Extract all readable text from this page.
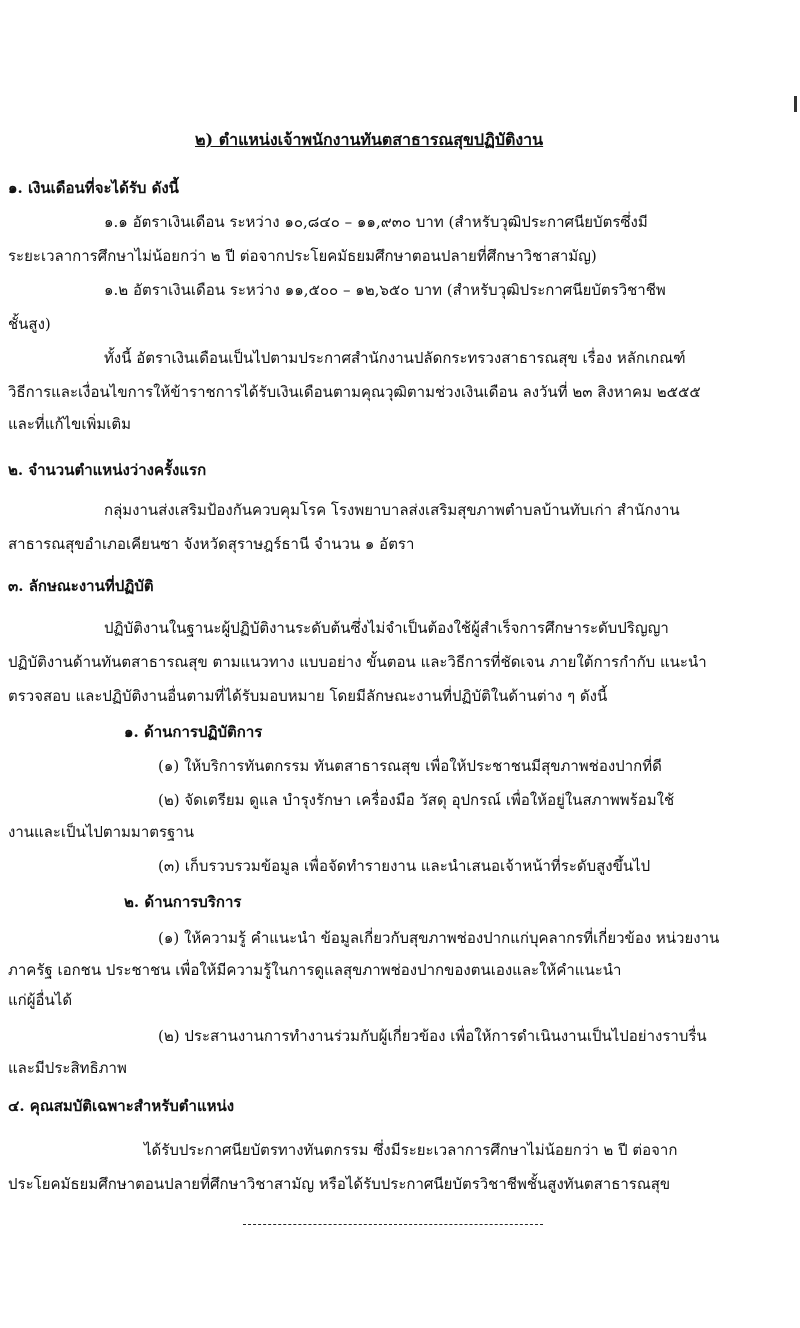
๒) ตำแหน่งเจ้าพนักงานทันตสาธารณสุขปฏิบัติงาน
๑. เงินเดือนที่จะได้รับ ดังนี้
๑.๑ อัตราเงินเดือน ระหว่าง ๑๐,๘๔๐ – ๑๑,๙๓๐ บาท (สำหรับวุฒิประกาศนียบัตรซึ่งมี
ระยะเวลาการศึกษาไม่น้อยกว่า ๒ ปี ต่อจากประโยคมัธยมศึกษาตอนปลายที่ศึกษาวิชาสามัญ)
๑.๒ อัตราเงินเดือน ระหว่าง ๑๑,๕๐๐ – ๑๒,๖๕๐ บาท (สำหรับวุฒิประกาศนียบัตรวิชาชีพ
ชั้นสูง)
ทั้งนี้ อัตราเงินเดือนเป็นไปตามประกาศสำนักงานปลัดกระทรวงสาธารณสุข เรื่อง หลักเกณฑ์
วิธีการและเงื่อนไขการให้ข้าราชการได้รับเงินเดือนตามคุณวุฒิตามช่วงเงินเดือน ลงวันที่ ๒๓ สิงหาคม ๒๕๕๕
และที่แก้ไขเพิ่มเติม
๒. จำนวนตำแหน่งว่างครั้งแรก
กลุ่มงานส่งเสริมป้องกันควบคุมโรค โรงพยาบาลส่งเสริมสุขภาพตำบลบ้านทับเก่า สำนักงาน
สาธารณสุขอำเภอเคียนซา จังหวัดสุราษฎร์ธานี จำนวน ๑ อัตรา
๓. ลักษณะงานที่ปฏิบัติ
ปฏิบัติงานในฐานะผู้ปฏิบัติงานระดับต้นซึ่งไม่จำเป็นต้องใช้ผู้สำเร็จการศึกษาระดับปริญญา
ปฏิบัติงานด้านทันตสาธารณสุข ตามแนวทาง แบบอย่าง ขั้นตอน และวิธีการที่ชัดเจน ภายใต้การกำกับ แนะนำ
ตรวจสอบ และปฏิบัติงานอื่นตามที่ได้รับมอบหมาย โดยมีลักษณะงานที่ปฏิบัติในด้านต่าง ๆ ดังนี้
๑. ด้านการปฏิบัติการ
(๑) ให้บริการทันตกรรม ทันตสาธารณสุข เพื่อให้ประชาชนมีสุขภาพช่องปากที่ดี
(๒) จัดเตรียม ดูแล บำรุงรักษา เครื่องมือ วัสดุ อุปกรณ์ เพื่อให้อยู่ในสภาพพร้อมใช้
งานและเป็นไปตามมาตรฐาน
(๓) เก็บรวบรวมข้อมูล เพื่อจัดทำรายงาน และนำเสนอเจ้าหน้าที่ระดับสูงขึ้นไป
๒. ด้านการบริการ
(๑) ให้ความรู้ คำแนะนำ ข้อมูลเกี่ยวกับสุขภาพช่องปากแก่บุคลากรที่เกี่ยวข้อง หน่วยงาน
ภาครัฐ เอกชน ประชาชน เพื่อให้มีความรู้ในการดูแลสุขภาพช่องปากของตนเองและให้คำแนะนำ
แก่ผู้อื่นได้
(๒) ประสานงานการทำงานร่วมกับผู้เกี่ยวข้อง เพื่อให้การดำเนินงานเป็นไปอย่างราบรื่น
และมีประสิทธิภาพ
๔. คุณสมบัติเฉพาะสำหรับตำแหน่ง
ได้รับประกาศนียบัตรทางทันตกรรม ซึ่งมีระยะเวลาการศึกษาไม่น้อยกว่า ๒ ปี ต่อจาก
ประโยคมัธยมศึกษาตอนปลายที่ศึกษาวิชาสามัญ หรือได้รับประกาศนียบัตรวิชาชีพชั้นสูงทันตสาธารณสุข
